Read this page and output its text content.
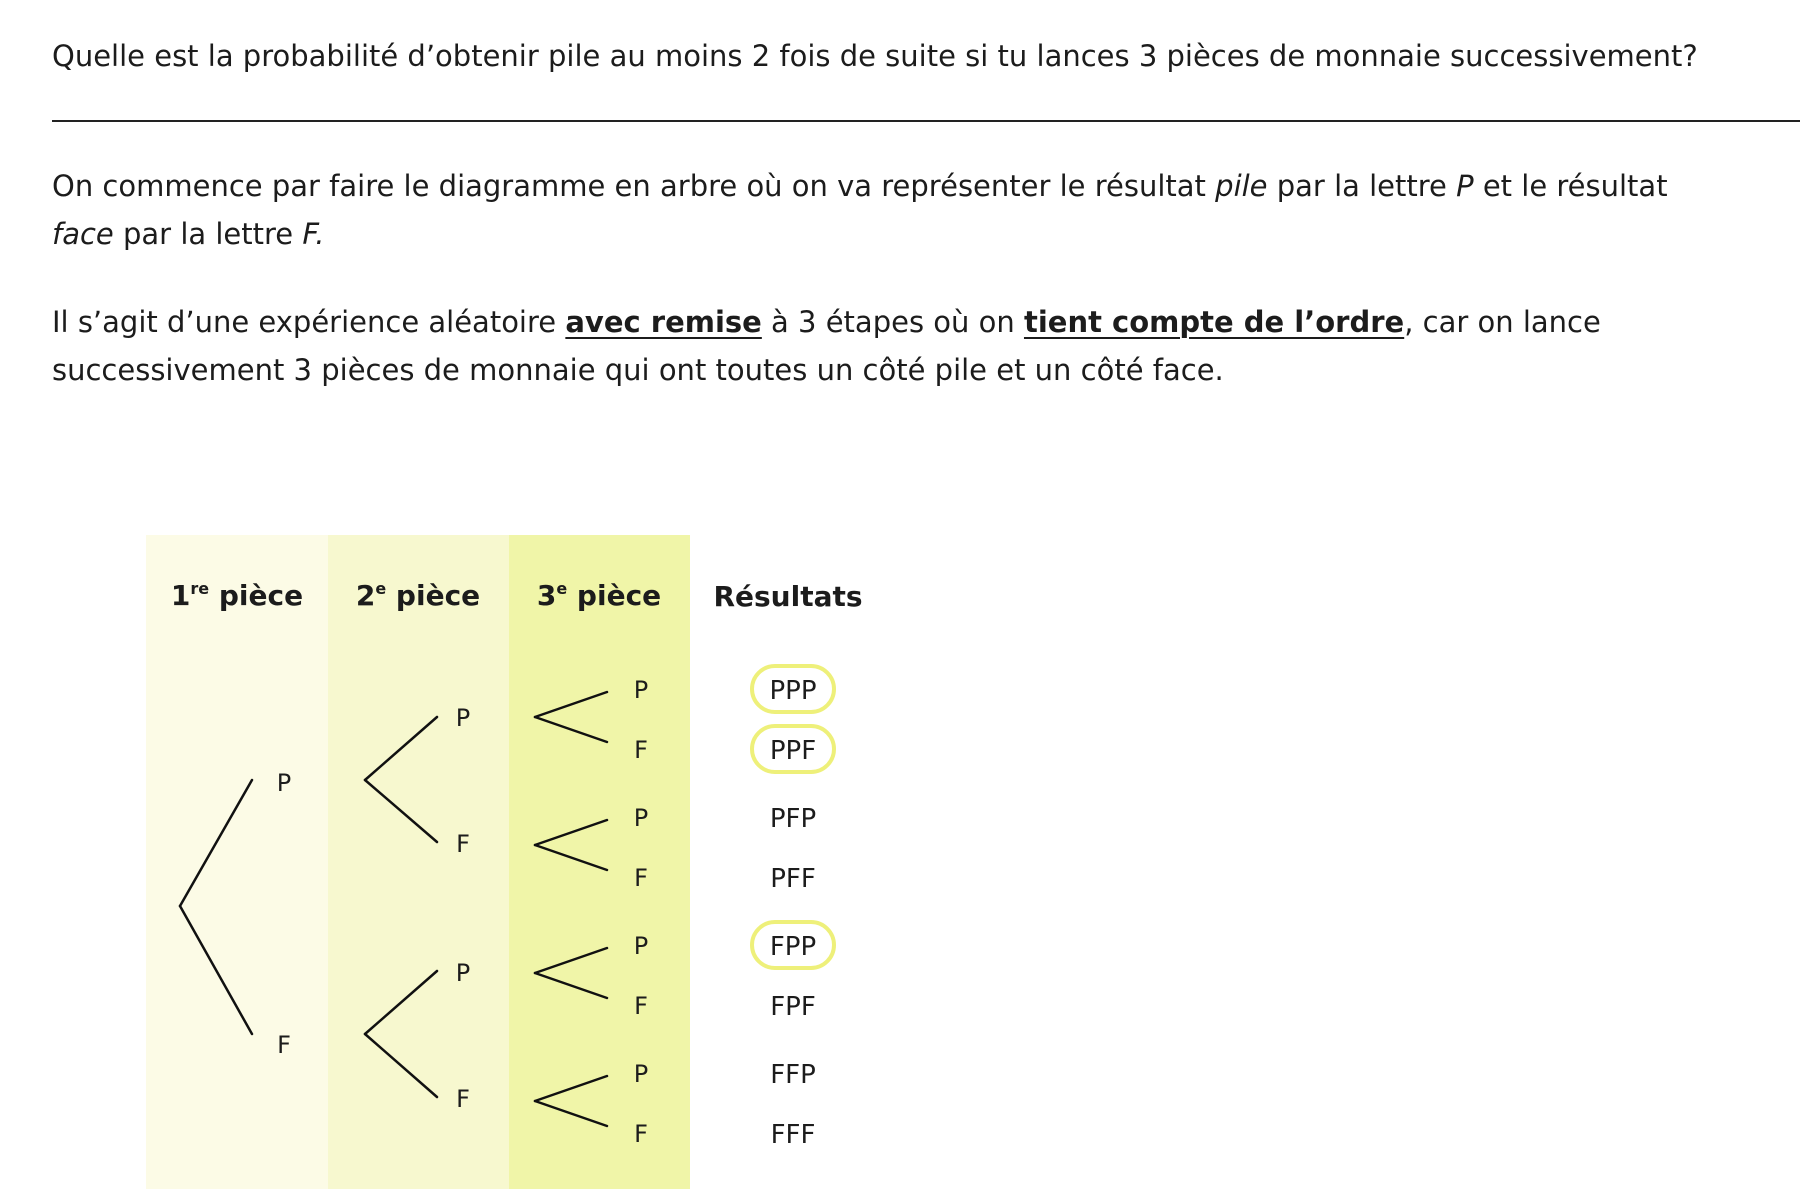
Quelle est la probabilité d’obtenir pile au moins 2 fois de suite si tu lances 3 pièces de monnaie successivement?

On commence par faire le diagramme en arbre où on va représenter le résultat pile par la lettre P et le résultat
face par la lettre F.

Il s’agit d’une expérience aléatoire avec remise à 3 étapes où on tient compte de l’ordre, car on lance successivement 3 pièces de monnaie qui ont toutes un côté pile et un côté face.

1re pièce 2e pièce 3e pièce Résultats
P
F
P
F
P
F
P
F
P
F
P
F
P
F
PPP
PPF
PFP
PFF
FPP
FPF
FFP
FFF
